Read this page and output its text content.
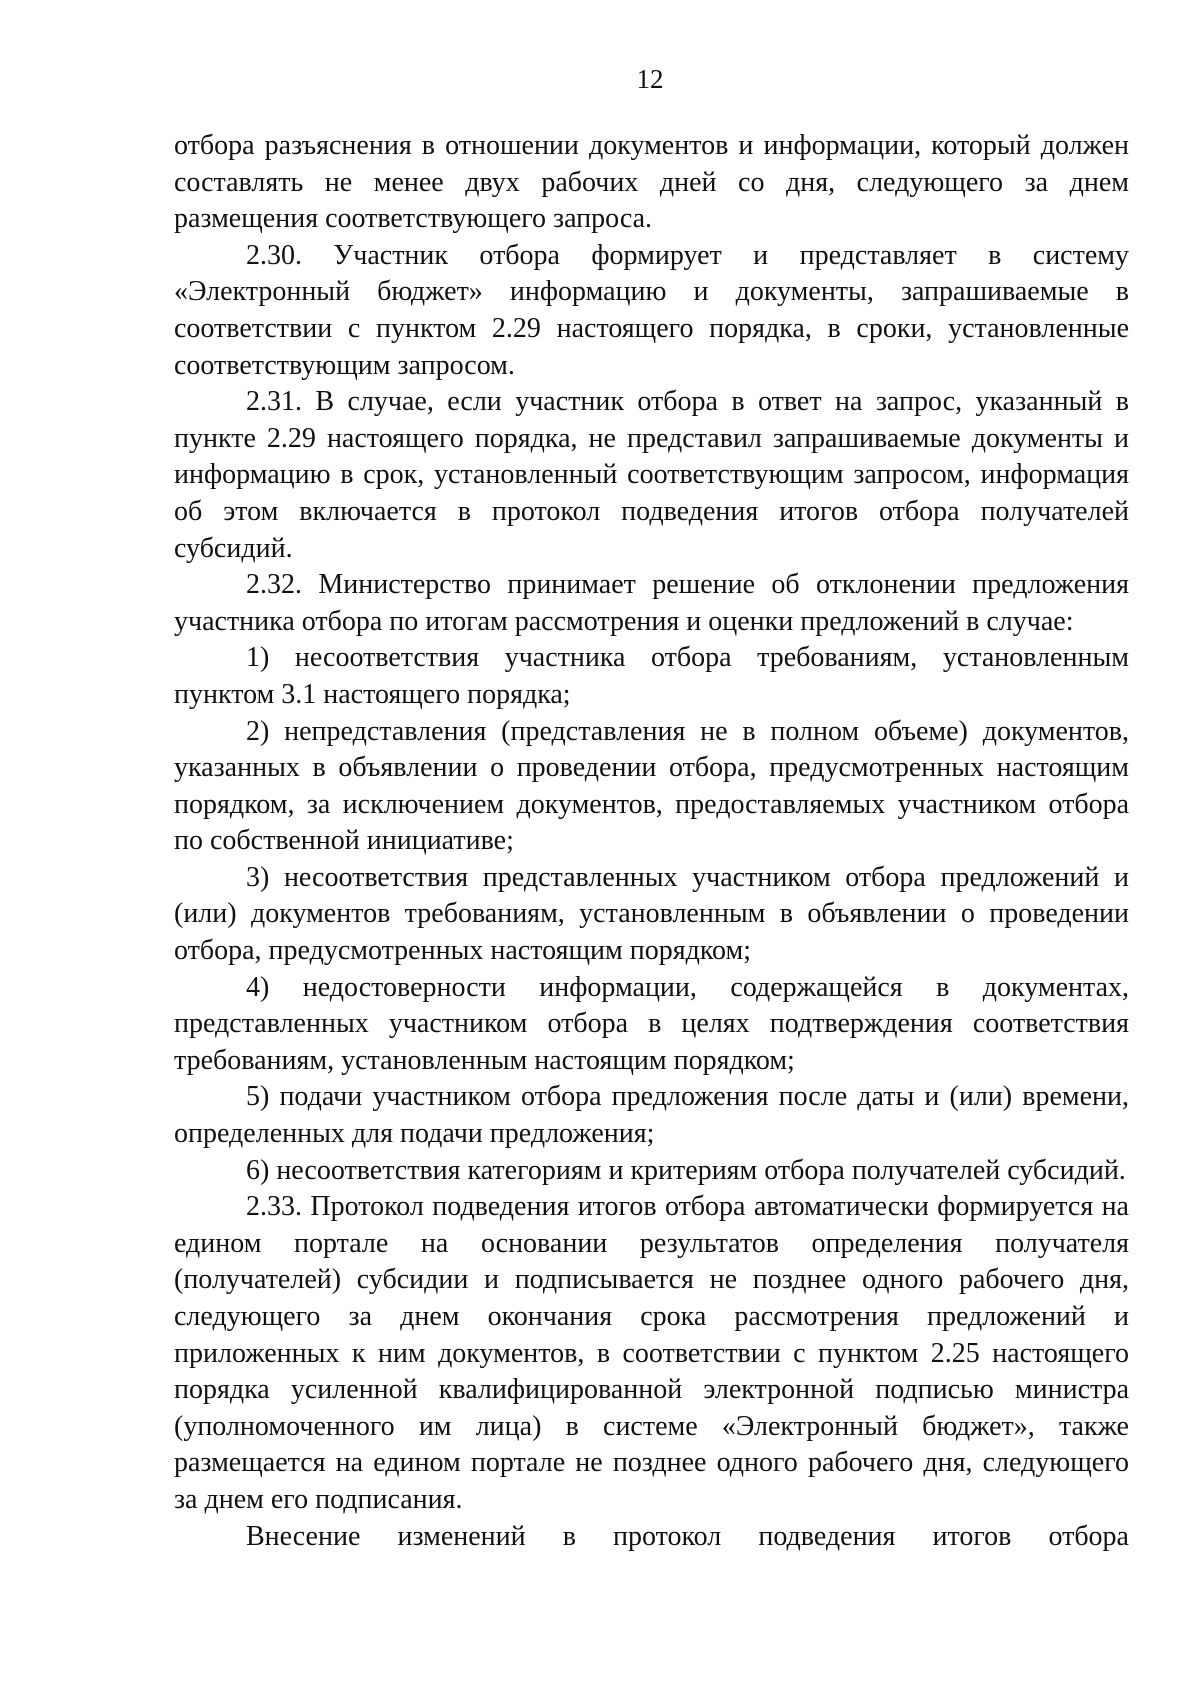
12

отбора разъяснения в отношении документов и информации, который должен составлять не менее двух рабочих дней со дня, следующего за днем размещения соответствующего запроса.

2.30. Участник отбора формирует и представляет в систему «Электронный бюджет» информацию и документы, запрашиваемые в соответствии с пунктом 2.29 настоящего порядка, в сроки, установленные соответствующим запросом.

2.31. В случае, если участник отбора в ответ на запрос, указанный в пункте 2.29 настоящего порядка, не представил запрашиваемые документы и информацию в срок, установленный соответствующим запросом, информация об этом включается в протокол подведения итогов отбора получателей субсидий.

2.32. Министерство принимает решение об отклонении предложения участника отбора по итогам рассмотрения и оценки предложений в случае:

1) несоответствия участника отбора требованиям, установленным пунктом 3.1 настоящего порядка;

2) непредставления (представления не в полном объеме) документов, указанных в объявлении о проведении отбора, предусмотренных настоящим порядком, за исключением документов, предоставляемых участником отбора по собственной инициативе;

3) несоответствия представленных участником отбора предложений и (или) документов требованиям, установленным в объявлении о проведении отбора, предусмотренных настоящим порядком;

4) недостоверности информации, содержащейся в документах, представленных участником отбора в целях подтверждения соответствия требованиям, установленным настоящим порядком;

5) подачи участником отбора предложения после даты и (или) времени, определенных для подачи предложения;

6) несоответствия категориям и критериям отбора получателей субсидий.

2.33. Протокол подведения итогов отбора автоматически формируется на едином портале на основании результатов определения получателя (получателей) субсидии и подписывается не позднее одного рабочего дня, следующего за днем окончания срока рассмотрения предложений и приложенных к ним документов, в соответствии с пунктом 2.25 настоящего порядка усиленной квалифицированной электронной подписью министра (уполномоченного им лица) в системе «Электронный бюджет», также размещается на едином портале не позднее одного рабочего дня, следующего за днем его подписания.

Внесение изменений в протокол подведения итогов отбора
